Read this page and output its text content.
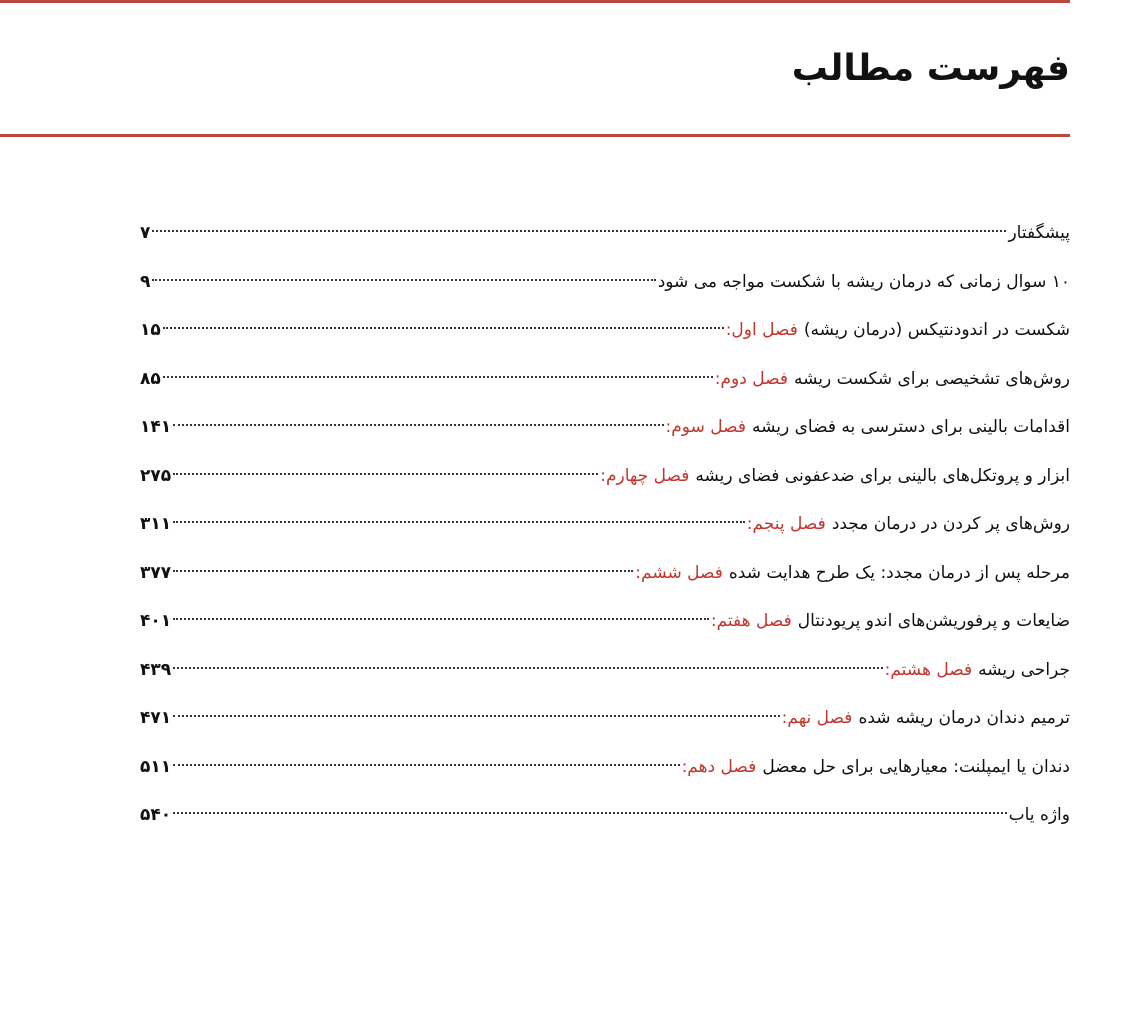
فهرست مطالب
پیشگفتار
۷
۱۰ سوال زمانی که درمان ریشه با شکست مواجه می شود
۹
فصل اول: شکست در اندودنتیکس (درمان ریشه)
۱۵
فصل دوم: روش‌های تشخیصی برای شکست ریشه
۸۵
فصل سوم: اقدامات بالینی برای دسترسی به فضای ریشه
۱۴۱
فصل چهارم: ابزار و پروتکل‌های بالینی برای ضدعفونی فضای ریشه
۲۷۵
فصل پنجم: روش‌های پر کردن در درمان مجدد
۳۱۱
فصل ششم: مرحله پس از درمان مجدد: یک طرح هدایت شده
۳۷۷
فصل هفتم: ضایعات و پرفوریشن‌های اندو پریودنتال
۴۰۱
فصل هشتم: جراحی ریشه
۴۳۹
فصل نهم: ترمیم دندان درمان ریشه شده
۴۷۱
فصل دهم: دندان یا ایمپلنت: معیارهایی برای حل معضل
۵۱۱
واژه یاب
۵۴۰
